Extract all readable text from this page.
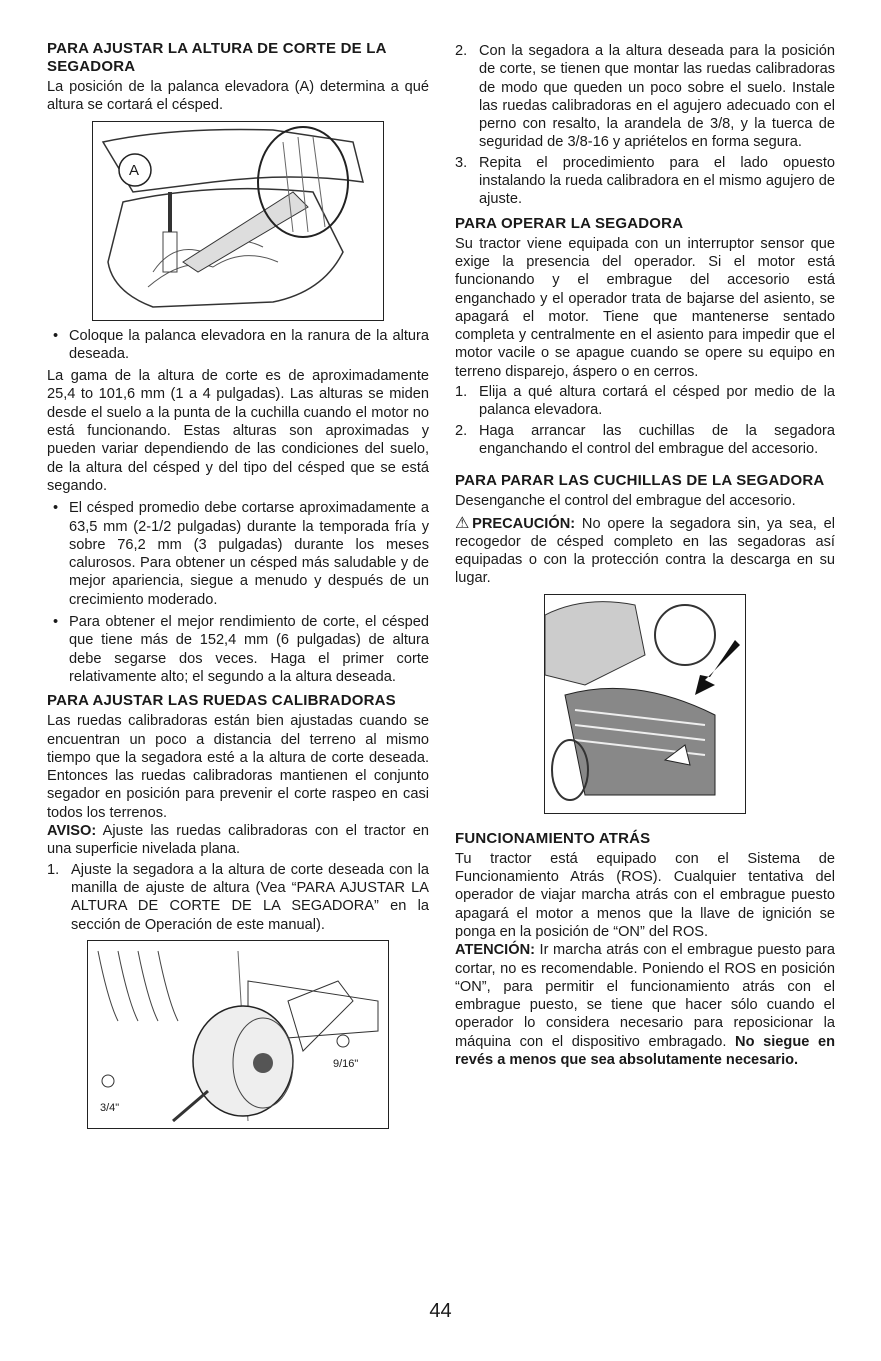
PARA AJUSTAR LA ALTURA DE CORTE DE LA SEGADORA

La posición de la palanca elevadora (A) determina a qué altura se cortará el césped.

A
• Coloque la palanca elevadora en la ranura de la altura deseada.

La gama de la altura de corte es de aproximadamente 25,4 to 101,6 mm (1 a 4 pulgadas). Las alturas se miden desde el suelo a la punta de la cuchilla cuando el motor no está funcionando. Estas alturas son aproximadas y pueden variar dependiendo de las condiciones del suelo, de la altura del césped y del tipo del césped que se está segando.

• El césped promedio debe cortarse aproximadamente a 63,5 mm (2-1/2 pulgadas) durante la temporada fría y sobre 76,2 mm (3 pulgadas) durante los meses calurosos. Para obtener un césped más saludable y de mejor apariencia, siegue a menudo y después de un crecimiento moderado.
• Para obtener el mejor rendimiento de corte, el césped que tiene más de 152,4 mm (6 pulgadas) de altura debe segarse dos veces. Haga el primer corte relativamente alto; el segundo a la altura deseada.
PARA AJUSTAR LAS RUEDAS CALIBRADORAS

Las ruedas calibradoras están bien ajustadas cuando se encuentran un poco a distancia del terreno al mismo tiempo que la segadora esté a la altura de corte deseada. Entonces las ruedas calibradoras mantienen el conjunto segador en posición para prevenir el corte raspeo en casi todos los terrenos.

AVISO: Ajuste las ruedas calibradoras con el tractor en una superficie nivelada plana.

1. Ajuste la segadora a la altura de corte deseada con la manilla de ajuste de altura (Vea “PARA AJUSTAR LA ALTURA DE CORTE DE LA SEGADORA” en la sección de Operación de este manual).
9/16"
3/4"
2. Con la segadora a la altura deseada para la posición de corte, se tienen que montar las ruedas calibradoras de modo que queden un poco sobre el suelo. Instale las ruedas calibradoras en el agujero adecuado con el perno con resalto, la arandela de 3/8, y la tuerca de seguridad de 3/8-16 y apriételos en forma segura.
3. Repita el procedimiento para el lado opuesto instalando la rueda calibradora en el mismo agujero de ajuste.
PARA OPERAR LA SEGADORA

Su tractor viene equipada con un interruptor sensor que exige la presencia del operador. Si el motor está funcionando y el embrague del accesorio está enganchado y el operador trata de bajarse del asiento, se apagará el motor. Tiene que mantenerse sentado completa y centralmente en el asiento para impedir que el motor vacile o se apague cuando se opere su equipo en terreno disparejo, áspero o en cerros.

1. Elija a qué altura cortará el césped por medio de la palanca elevadora.
2. Haga arrancar las cuchillas de la segadora enganchando el control del embrague del accesorio.
PARA PARAR LAS CUCHILLAS DE LA SEGADORA

Desenganche el control del embrague del accesorio.

⚠PRECAUCIÓN: No opere la segadora sin, ya sea, el recogedor de césped completo en las segadoras así equipadas o con la protección contra la descarga en su lugar.

FUNCIONAMIENTO ATRÁS

Tu tractor está equipado con el Sistema de Funcionamiento Atrás (ROS). Cualquier tentativa del operador de viajar marcha atrás con el embrague puesto apagará el motor a menos que la llave de ignición se ponga en la posición de “ON” del ROS.

ATENCIÓN: Ir marcha atrás con el embrague puesto para cortar, no es recomendable. Poniendo el ROS en posición “ON”, para permitir el funcionamiento atrás con el embrague puesto, se tiene que hacer sólo cuando el operador lo considera necesario para reposicionar la máquina con el dispositivo embragado. No siegue en revés a menos que sea absolutamente necesario.

44
